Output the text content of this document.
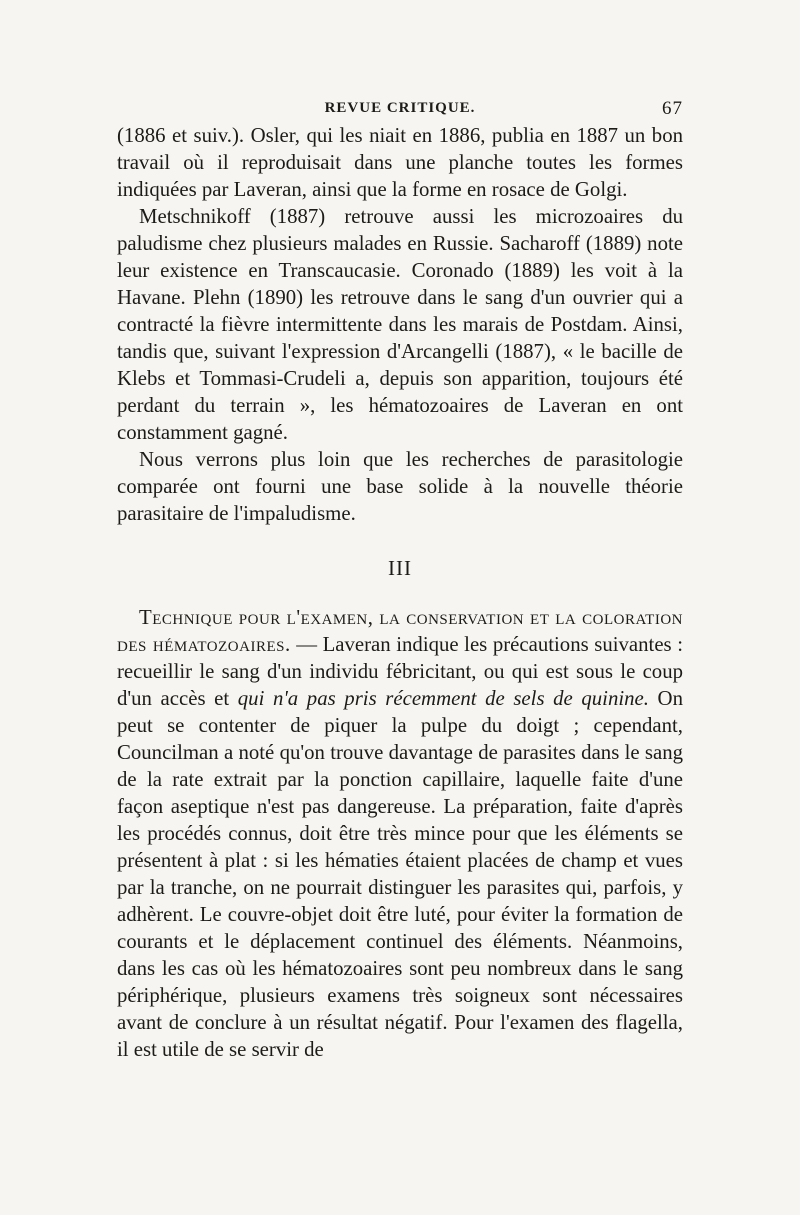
REVUE CRITIQUE.	67

(1886 et suiv.). Osler, qui les niait en 1886, publia en 1887 un bon travail où il reproduisait dans une planche toutes les formes indiquées par Laveran, ainsi que la forme en rosace de Golgi.

Metschnikoff (1887) retrouve aussi les microzoaires du paludisme chez plusieurs malades en Russie. Sacharoff (1889) note leur existence en Transcaucasie. Coronado (1889) les voit à la Havane. Plehn (1890) les retrouve dans le sang d'un ouvrier qui a contracté la fièvre intermittente dans les marais de Postdam. Ainsi, tandis que, suivant l'expression d'Arcangelli (1887), « le bacille de Klebs et Tommasi-Crudeli a, depuis son apparition, toujours été perdant du terrain », les hématozoaires de Laveran en ont constamment gagné.

Nous verrons plus loin que les recherches de parasitologie comparée ont fourni une base solide à la nouvelle théorie parasitaire de l'impaludisme.

III

Technique pour l'examen, la conservation et la coloration des hématozoaires. — Laveran indique les précautions suivantes : recueillir le sang d'un individu fébricitant, ou qui est sous le coup d'un accès et qui n'a pas pris récemment de sels de quinine. On peut se contenter de piquer la pulpe du doigt ; cependant, Councilman a noté qu'on trouve davantage de parasites dans le sang de la rate extrait par la ponction capillaire, laquelle faite d'une façon aseptique n'est pas dangereuse. La préparation, faite d'après les procédés connus, doit être très mince pour que les éléments se présentent à plat : si les hématies étaient placées de champ et vues par la tranche, on ne pourrait distinguer les parasites qui, parfois, y adhèrent. Le couvre-objet doit être luté, pour éviter la formation de courants et le déplacement continuel des éléments. Néanmoins, dans les cas où les hématozoaires sont peu nombreux dans le sang périphérique, plusieurs examens très soigneux sont nécessaires avant de conclure à un résultat négatif. Pour l'examen des flagella, il est utile de se servir de
